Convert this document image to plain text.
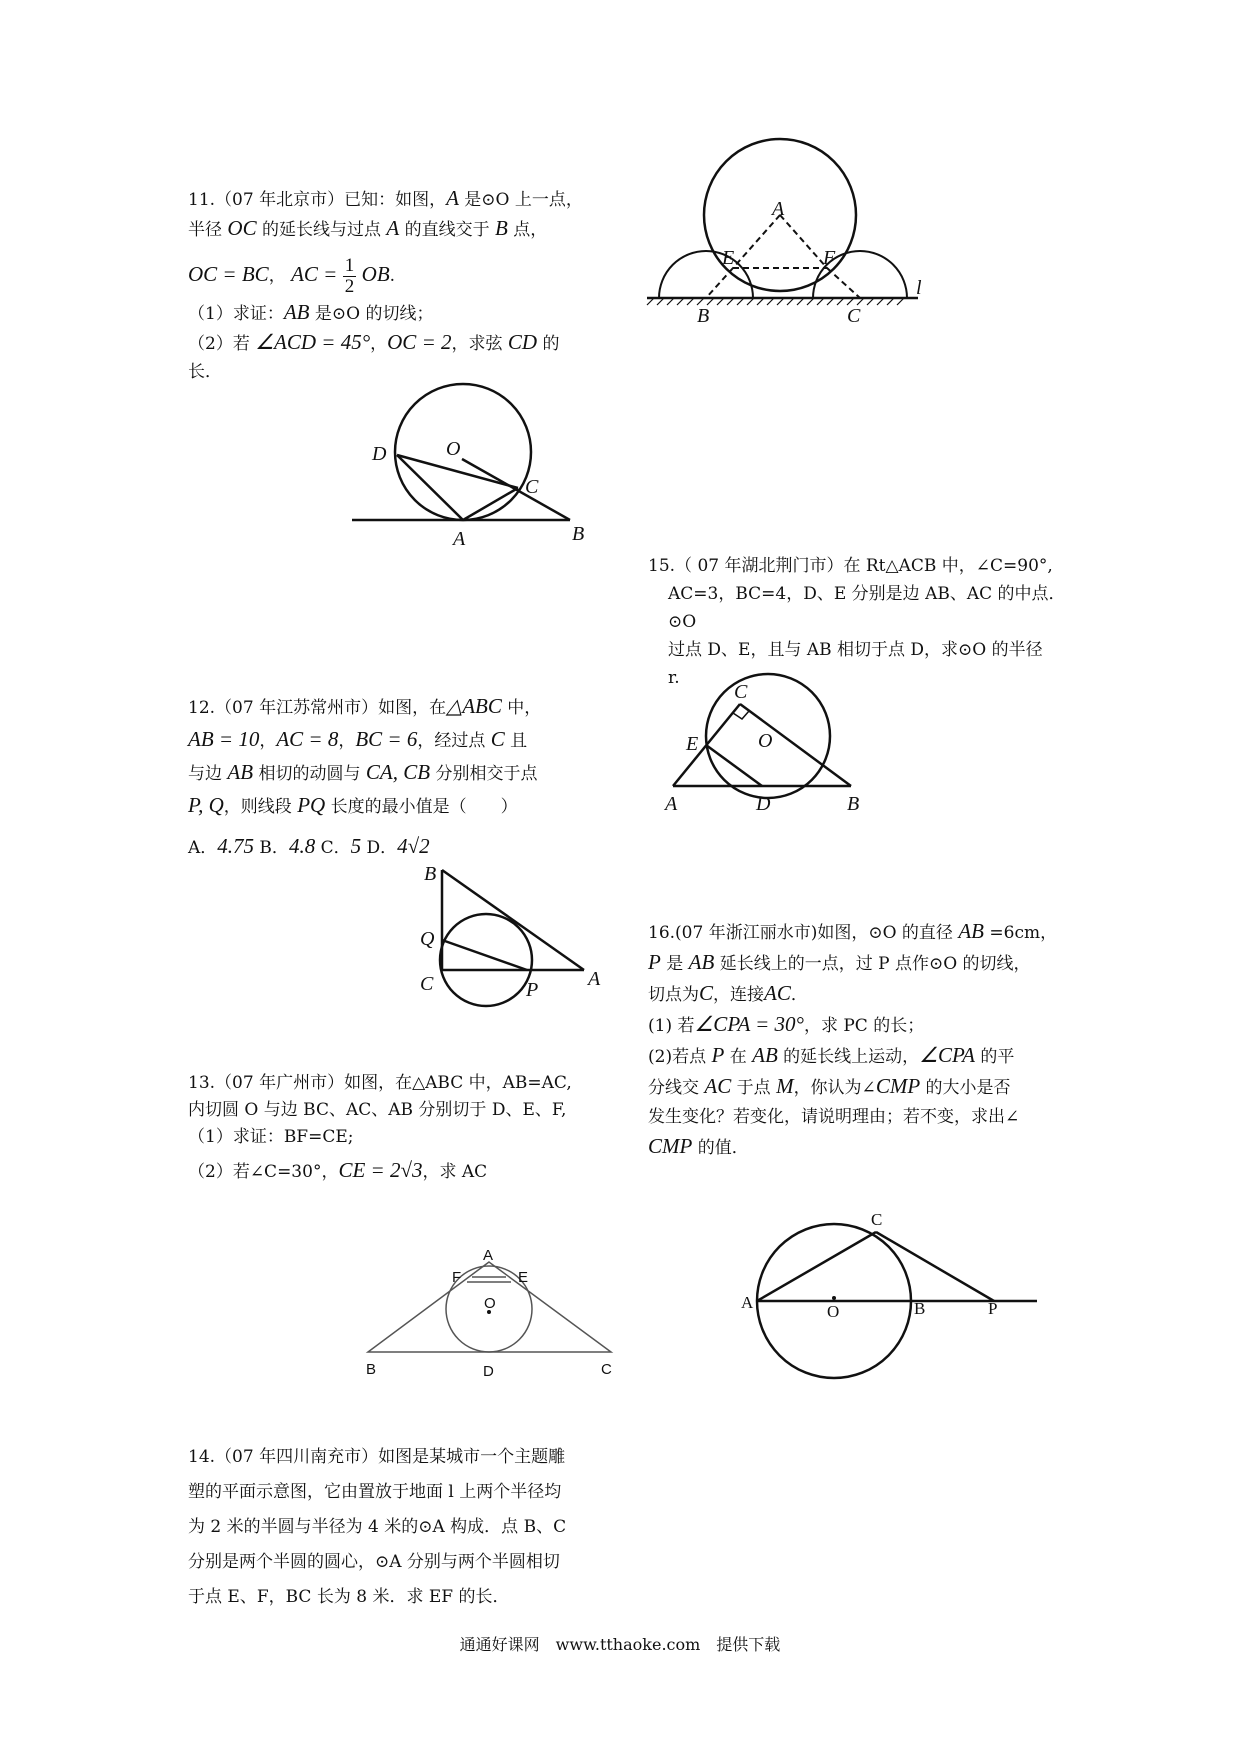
11.（07 年北京市）已知：如图，A 是⊙O 上一点，

半径 OC 的延长线与过点 A 的直线交于 B 点，

OC = BC， AC = $\frac{1}{2}$ OB.

（1）求证：AB 是⊙O 的切线；

（2）若 ∠ACD = 45°，OC = 2，求弦 CD 的

长．

D	O
C
A	B

12.（07 年江苏常州市）如图，在△ABC 中，

AB = 10，AC = 8，BC = 6，经过点 C 且

与边 AB 相切的动圆与 CA, CB 分别相交于点

P, Q，则线段 PQ 长度的最小值是（　　）

A．4.75 B．4.8 C．5 D．4√2

B
Q
C	P A

13.（07 年广州市）如图，在△ABC 中，AB=AC,

内切圆 O 与边 BC、AC、AB 分别切于 D、E、F,

（1）求证：BF=CE;

（2）若∠C=30°，CE = 2√3，求 AC

A
F	E
O
B	D	C

14.（07 年四川南充市）如图是某城市一个主题雕

塑的平面示意图，它由置放于地面 l 上两个半径均

为 2 米的半圆与半径为 4 米的⊙A 构成．点 B、C

分别是两个半圆的圆心，⊙A 分别与两个半圆相切

于点 E、F，BC 长为 8 米．求 EF 的长．

A
E	F
B	C
l

15.（ 07 年湖北荆门市）在 Rt△ACB 中，∠C=90°,

AC=3，BC=4，D、E 分别是边 AB、AC 的中点．⊙O

过点 D、E，且与 AB 相切于点 D，求⊙O 的半径

r.

C
E	O
A	D	B

16.(07 年浙江丽水市)如图，⊙O 的直径 AB =6cm，

P 是 AB 延长线上的一点，过 P 点作⊙O 的切线，

切点为C，连接AC．

(1) 若∠CPA = 30°，求 PC 的长；

(2)若点 P 在 AB 的延长线上运动，∠CPA 的平

分线交 AC 于点 M，你认为∠CMP 的大小是否

发生变化？若变化，请说明理由；若不变，求出∠

CMP 的值．

C
A	O	B	P
通通好课网　www.tthaoke.com　提供下载
